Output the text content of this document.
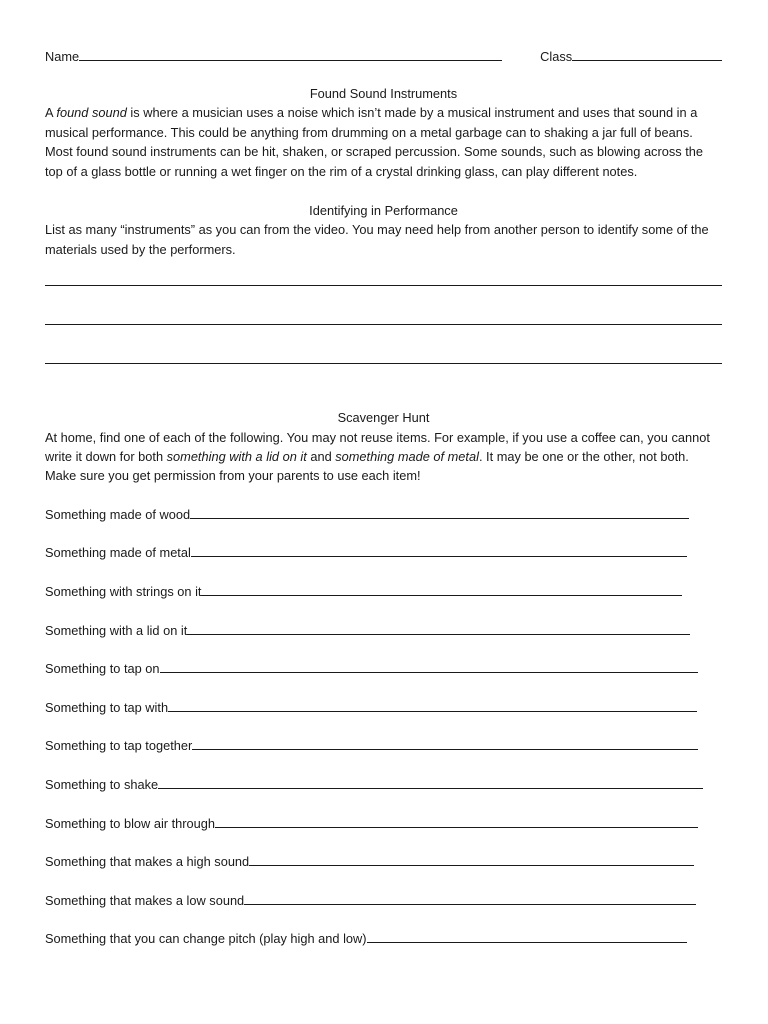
Name	Class
Found Sound Instruments

A found sound is where a musician uses a noise which isn’t made by a musical instrument and uses that sound in a musical performance. This could be anything from drumming on a metal garbage can to shaking a jar full of beans. Most found sound instruments can be hit, shaken, or scraped percussion. Some sounds, such as blowing across the top of a glass bottle or running a wet finger on the rim of a crystal drinking glass, can play different notes.

Identifying in Performance

List as many “instruments” as you can from the video. You may need help from another person to identify some of the materials used by the performers.

Scavenger Hunt

At home, find one of each of the following. You may not reuse items. For example, if you use a coffee can, you cannot write it down for both something with a lid on it and something made of metal. It may be one or the other, not both. Make sure you get permission from your parents to use each item!

Something made of wood
Something made of metal
Something with strings on it
Something with a lid on it
Something to tap on
Something to tap with
Something to tap together
Something to shake
Something to blow air through
Something that makes a high sound
Something that makes a low sound
Something that you can change pitch (play high and low)
